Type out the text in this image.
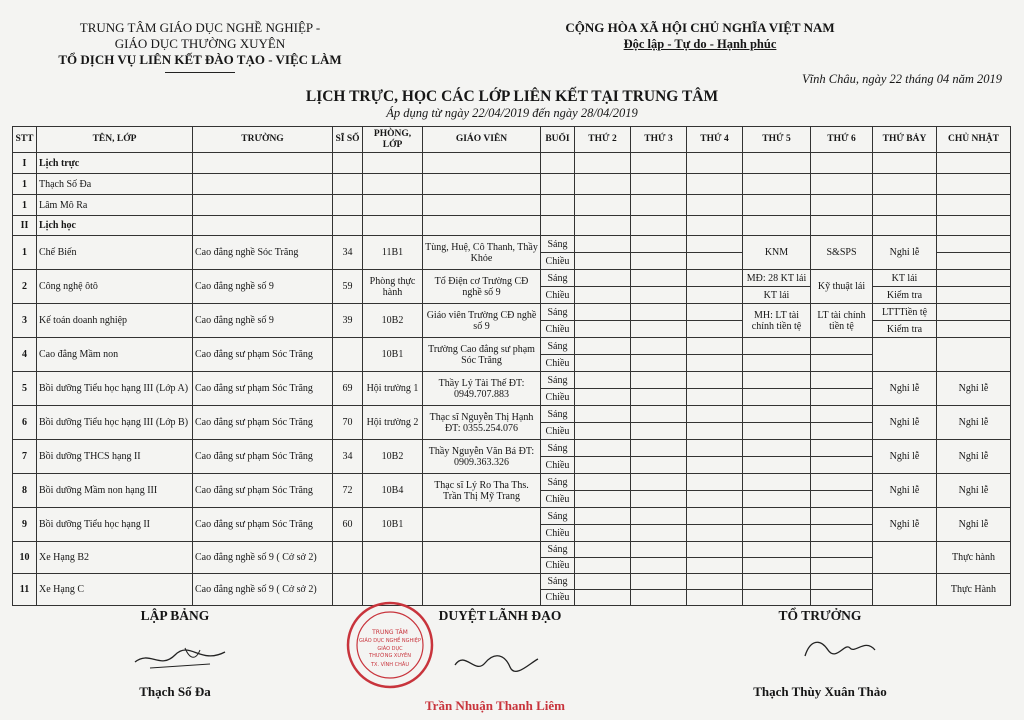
TRUNG TÂM GIÁO DỤC NGHỀ NGHIỆP -
GIÁO DỤC THƯỜNG XUYÊN
TỔ DỊCH VỤ LIÊN KẾT ĐÀO TẠO - VIỆC LÀM
CỘNG HÒA XÃ HỘI CHỦ NGHĨA VIỆT NAM
Độc lập - Tự do - Hạnh phúc
Vĩnh Châu, ngày 22 tháng 04 năm 2019
LỊCH TRỰC, HỌC CÁC LỚP LIÊN KẾT TẠI TRUNG TÂM
Áp dụng từ ngày 22/04/2019 đến ngày 28/04/2019
STT	TÊN, LỚP	TRƯỜNG	SĨ SỐ	PHÒNG, LỚP	GIÁO VIÊN	BUỔI	THỨ 2	THỨ 3	THỨ 4	THỨ 5	THỨ 6	THỨ BẢY	CHỦ NHẬT
I	Lịch trực												
1	Thạch Số Đa												
1	Lâm Mô Ra												
II	Lịch học												
1	Chế Biến	Cao đẳng nghề Sóc Trăng	34	11B1	Tùng, Huệ, Cô Thanh, Thầy Khỏe	Sáng				KNM	S&SPS	Nghỉ lễ	
						Chiều							
2	Công nghệ ôtô	Cao đẳng nghề số 9	59	Phòng thực hành	Tổ Điện cơ Trường CĐ nghề số 9	Sáng				MĐ: 28 KT lái	Kỹ thuật lái	KT lái	
						Chiều				KT lái		Kiểm tra	
3	Kế toán doanh nghiệp	Cao đẳng nghề số 9	39	10B2	Giáo viên Trường CĐ nghề số 9	Sáng				MH: LT tài chính tiền tệ	LT tài chính tiền tệ	LTTTiền tệ	
						Chiều						Kiểm tra	
4	Cao đẳng Mầm non	Cao đẳng sư phạm Sóc Trăng		10B1	Trường Cao đẳng sư phạm Sóc Trăng	Sáng							
						Chiều							
5	Bồi dưỡng Tiểu học hạng III (Lớp A)	Cao đẳng sư phạm Sóc Trăng	69	Hội trường 1	Thầy Lý Tài Thế ĐT: 0949.707.883	Sáng						Nghỉ lễ	Nghỉ lễ
						Chiều							
6	Bồi dưỡng Tiểu học hạng III (Lớp B)	Cao đẳng sư phạm Sóc Trăng	70	Hội trường 2	Thạc sĩ Nguyễn Thị Hạnh ĐT: 0355.254.076	Sáng						Nghỉ lễ	Nghỉ lễ
						Chiều							
7	Bồi dưỡng THCS hạng II	Cao đẳng sư phạm Sóc Trăng	34	10B2	Thầy Nguyễn Văn Bá ĐT: 0909.363.326	Sáng						Nghỉ lễ	Nghỉ lễ
						Chiều							
8	Bồi dưỡng Mầm non hạng III	Cao đẳng sư phạm Sóc Trăng	72	10B4	Thạc sĩ Lý Ro Tha Ths. Trần Thị Mỹ Trang	Sáng						Nghỉ lễ	Nghỉ lễ
						Chiều							
9	Bồi dưỡng Tiểu học hạng II	Cao đẳng sư phạm Sóc Trăng	60	10B1		Sáng						Nghỉ lễ	Nghỉ lễ
						Chiều							
10	Xe Hạng B2	Cao đẳng nghề số 9 ( Cở sở 2)				Sáng							Thực hành
						Chiều							
11	Xe Hạng C	Cao đẳng nghề số 9 ( Cở sở 2)				Sáng							Thực Hành
						Chiều							
LẬP BẢNG	DUYỆT LÃNH ĐẠO	TỔ TRƯỞNG
TRUNG TÂM
GIÁO DỤC NGHỀ NGHIỆP
GIÁO DỤC
THƯỜNG XUYÊN
TX. VĨNH CHÂU
Thạch Số Đa
Trần Nhuận Thanh Liêm
Thạch Thùy Xuân Thảo
